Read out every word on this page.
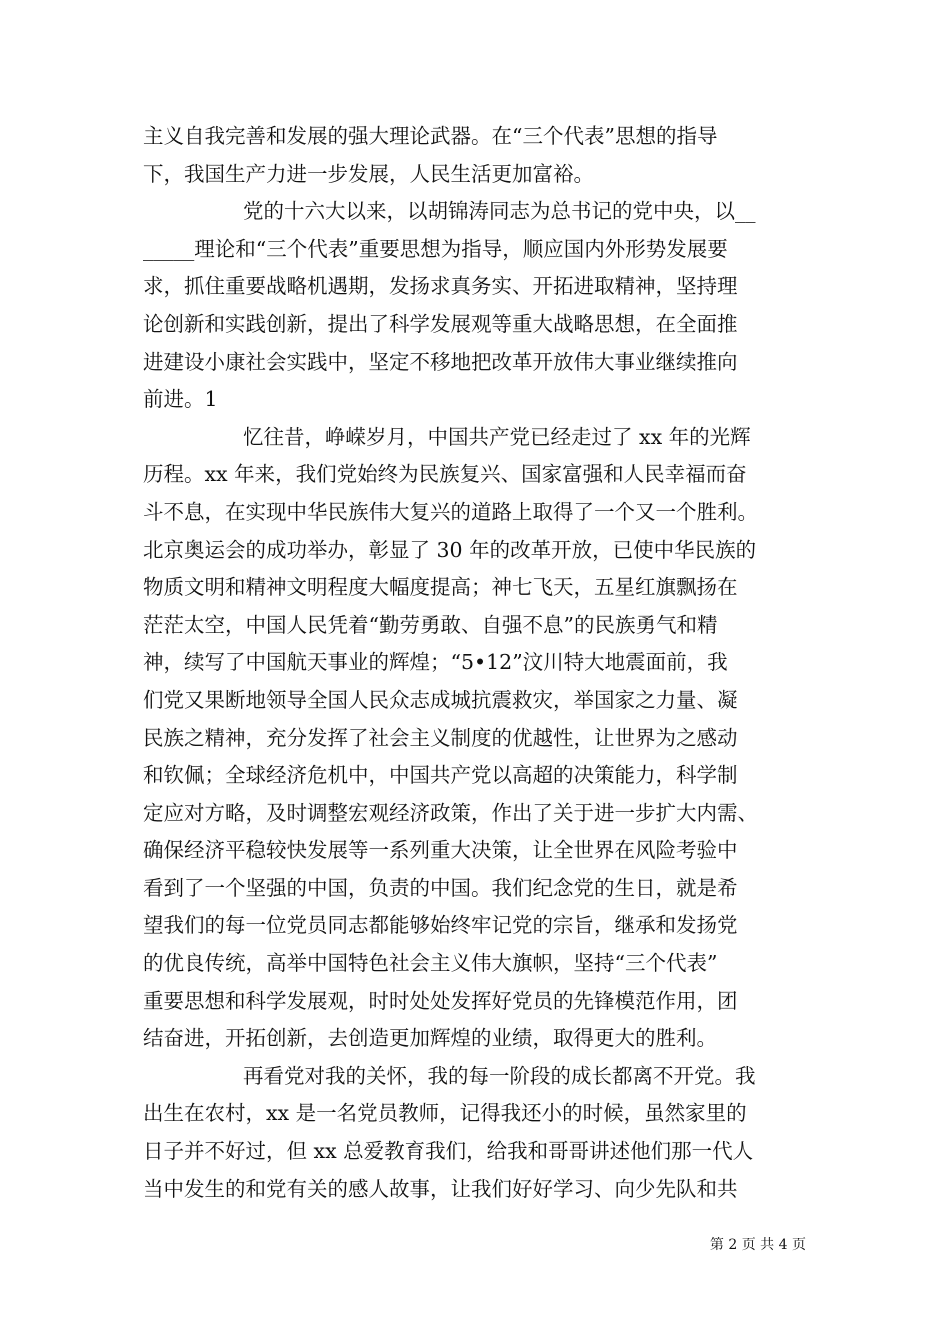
主义自我完善和发展的强大理论武器。在“三个代表”思想的指导
下，我国生产力进一步发展，人民生活更加富裕。
党的十六大以来，以胡锦涛同志为总书记的党中央，以__
_____理论和“三个代表”重要思想为指导，顺应国内外形势发展要
求，抓住重要战略机遇期，发扬求真务实、开拓进取精神，坚持理
论创新和实践创新，提出了科学发展观等重大战略思想，在全面推
进建设小康社会实践中，坚定不移地把改革开放伟大事业继续推向
前进。1
忆往昔，峥嵘岁月，中国共产党已经走过了 xx 年的光辉
历程。xx 年来，我们党始终为民族复兴、国家富强和人民幸福而奋
斗不息，在实现中华民族伟大复兴的道路上取得了一个又一个胜利。
北京奥运会的成功举办，彰显了 30 年的改革开放，已使中华民族的
物质文明和精神文明程度大幅度提高；神七飞天，五星红旗飘扬在
茫茫太空，中国人民凭着“勤劳勇敢、自强不息”的民族勇气和精
神，续写了中国航天事业的辉煌；“5•12”汶川特大地震面前，我
们党又果断地领导全国人民众志成城抗震救灾，举国家之力量、凝
民族之精神，充分发挥了社会主义制度的优越性，让世界为之感动
和钦佩；全球经济危机中，中国共产党以高超的决策能力，科学制
定应对方略，及时调整宏观经济政策，作出了关于进一步扩大内需、
确保经济平稳较快发展等一系列重大决策，让全世界在风险考验中
看到了一个坚强的中国，负责的中国。我们纪念党的生日，就是希
望我们的每一位党员同志都能够始终牢记党的宗旨，继承和发扬党
的优良传统，高举中国特色社会主义伟大旗帜，坚持“三个代表”
重要思想和科学发展观，时时处处发挥好党员的先锋模范作用，团
结奋进，开拓创新，去创造更加辉煌的业绩，取得更大的胜利。
再看党对我的关怀，我的每一阶段的成长都离不开党。我
出生在农村，xx 是一名党员教师，记得我还小的时候，虽然家里的
日子并不好过，但 xx 总爱教育我们，给我和哥哥讲述他们那一代人
当中发生的和党有关的感人故事，让我们好好学习、向少先队和共
第 2 页 共 4 页
